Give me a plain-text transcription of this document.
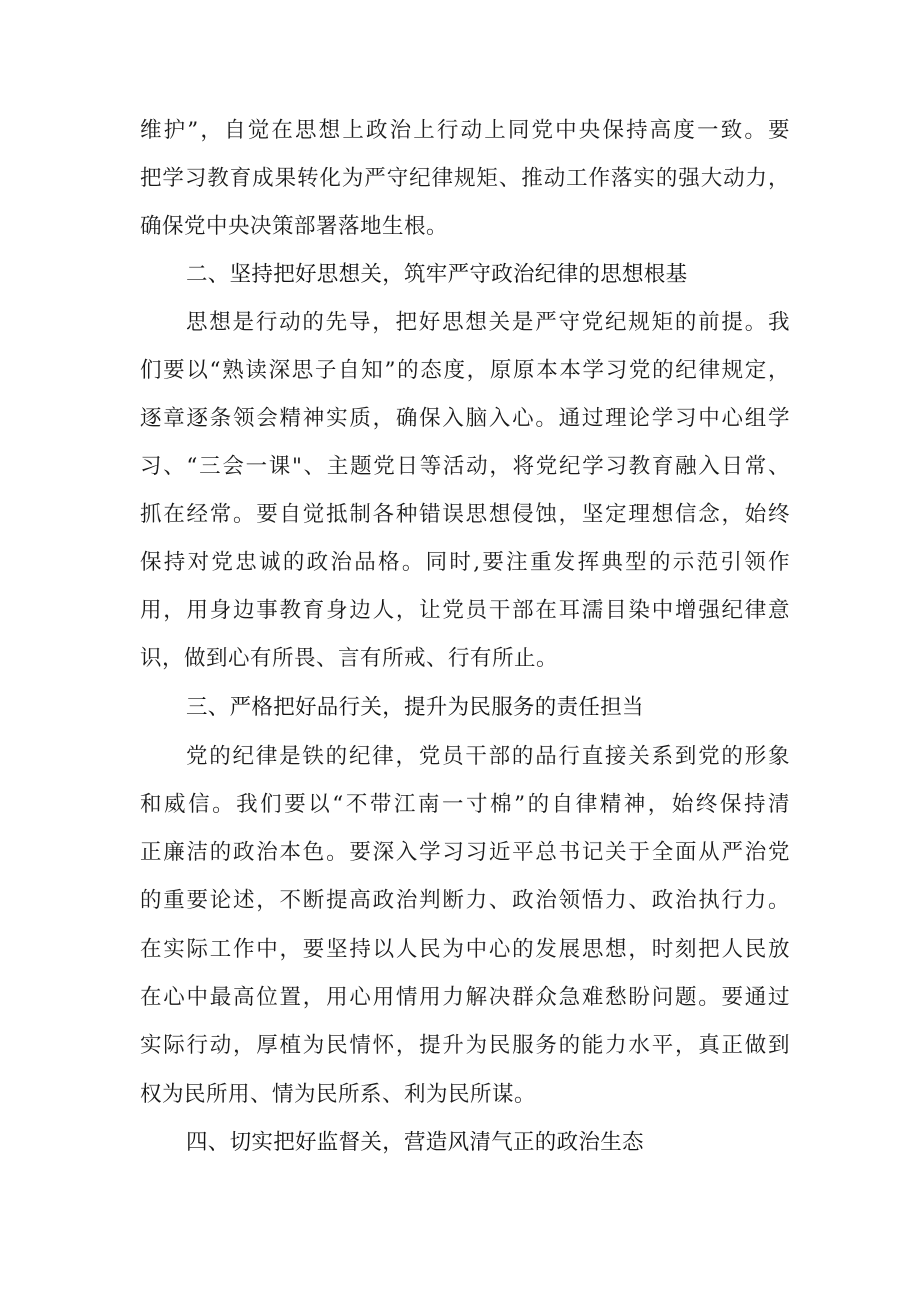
维护”，自觉在思想上政治上行动上同党中央保持高度一致。要
把学习教育成果转化为严守纪律规矩、推动工作落实的强大动力，
确保党中央决策部署落地生根。
二、坚持把好思想关，筑牢严守政治纪律的思想根基
思想是行动的先导，把好思想关是严守党纪规矩的前提。我
们要以“熟读深思子自知”的态度，原原本本学习党的纪律规定，
逐章逐条领会精神实质，确保入脑入心。通过理论学习中心组学
习、“三会一课"、主题党日等活动，将党纪学习教育融入日常、
抓在经常。要自觉抵制各种错误思想侵蚀，坚定理想信念，始终
保持对党忠诚的政治品格。同时,要注重发挥典型的示范引领作
用，用身边事教育身边人，让党员干部在耳濡目染中增强纪律意
识，做到心有所畏、言有所戒、行有所止。
三、严格把好品行关，提升为民服务的责任担当
党的纪律是铁的纪律，党员干部的品行直接关系到党的形象
和威信。我们要以“不带江南一寸棉”的自律精神，始终保持清
正廉洁的政治本色。要深入学习习近平总书记关于全面从严治党
的重要论述，不断提高政治判断力、政治领悟力、政治执行力。
在实际工作中，要坚持以人民为中心的发展思想，时刻把人民放
在心中最高位置，用心用情用力解决群众急难愁盼问题。要通过
实际行动，厚植为民情怀，提升为民服务的能力水平，真正做到
权为民所用、情为民所系、利为民所谋。
四、切实把好监督关，营造风清气正的政治生态
